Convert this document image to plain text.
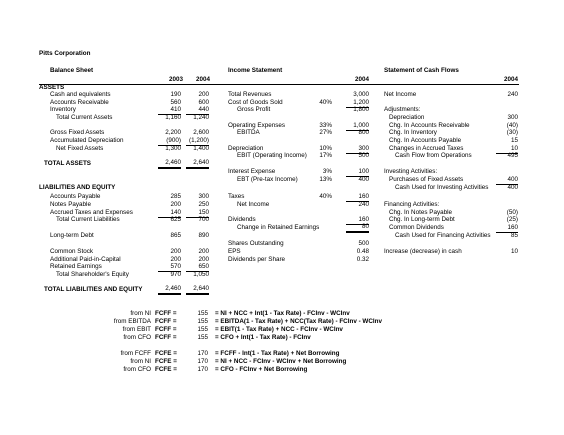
Pitts Corporation
Balance Sheet	Income Statement	Statement of Cash Flows
2003	2004	2004	2004
ASSETS
Cash and equivalents	190	200
Accounts Receivable	560	600
Inventory	410	440
Total Current Assets	1,160	1,240
Gross Fixed Assets	2,200	2,600
Accumulated Depreciation	(900)	(1,200)
Net Fixed Assets	1,300	1,400
TOTAL ASSETS	2,460	2,640
LIABILITIES AND EQUITY
Accounts Payable	285	300
Notes Payable	200	250
Accrued Taxes and Expenses	140	150
Total Current Liabilities	625	700
Long-term Debt	865	890
Common Stock	200	200
Additional Paid-in-Capital	200	200
Retained Earnings	570	650
Total Shareholder's Equity	970	1,050
TOTAL LIABILITIES AND EQUITY	2,460	2,640
Total Revenues	3,000
Cost of Goods Sold	40%	1,200
Gross Profit	1,800
Operating Expenses	33%	1,000
EBITDA	27%	800
Depreciation	10%	300
EBIT (Operating Income)	17%	500
Interest Expense	3%	100
EBT (Pre-tax Income)	13%	400
Taxes	40%	160
Net Income	240
Dividends	160
Change in Retained Earnings	80
Shares Outstanding	500
EPS	0.48
Dividends per Share	0.32
Net Income	240
Adjustments:
Depreciation	300
Chg. In Accounts Receivable	(40)
Chg. In Inventory	(30)
Chg. In Accounts Payable	15
Changes in Accrued Taxes	10
Cash Flow from Operations	495
Investing Activities:
Purchases of Fixed Assets	400
Cash Used for Investing Activities	400
Financing Activities:
Chg. In Notes Payable	(50)
Chg. In Long-term Debt	(25)
Common Dividends	160
Cash Used for Financing Activities	85
Increase (decrease) in cash	10
from NI FCFF =	155 = NI + NCC + Int(1 - Tax Rate) - FCInv - WCInv
from EBITDA FCFF =	155 = EBITDA(1 - Tax Rate) + NCC(Tax Rate) - FCInv - WCInv
from EBIT FCFF =	155 = EBIT(1 - Tax Rate) + NCC - FCInv - WCInv
from CFO FCFF =	155 = CFO + Int(1 - Tax Rate) - FCInv
from FCFF FCFE =	170 = FCFF - Int(1 - Tax Rate) + Net Borrowing
from NI FCFE =	170 = NI + NCC - FCInv - WCInv + Net Borrowing
from CFO FCFE =	170 = CFO - FCInv + Net Borrowing
